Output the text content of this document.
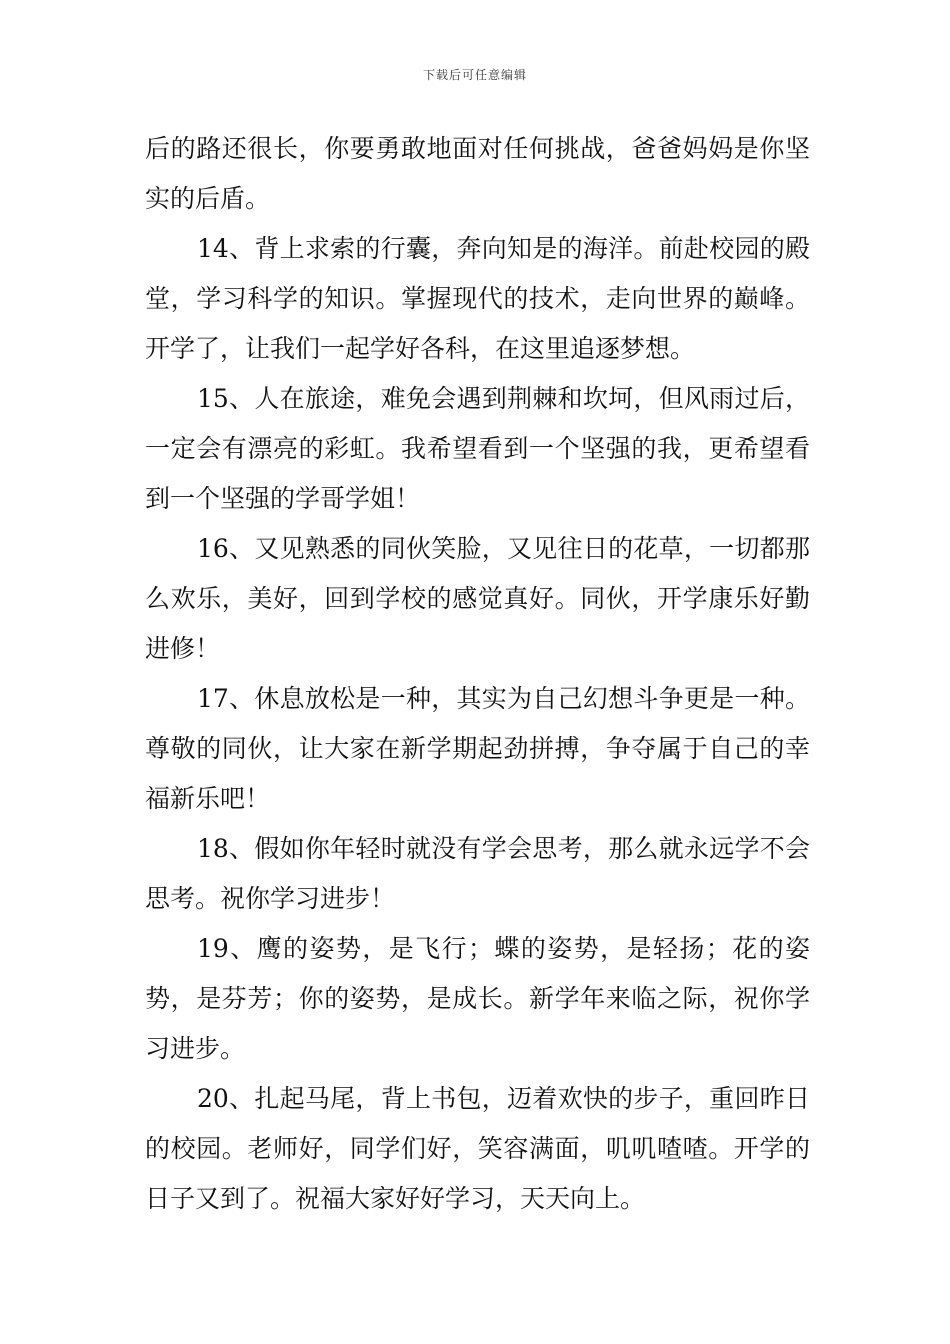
下载后可任意编辑

后的路还很长，你要勇敢地面对任何挑战，爸爸妈妈是你坚实的后盾。

14、背上求索的行囊，奔向知是的海洋。前赴校园的殿堂，学习科学的知识。掌握现代的技术，走向世界的巅峰。开学了，让我们一起学好各科，在这里追逐梦想。

15、人在旅途，难免会遇到荆棘和坎坷，但风雨过后，一定会有漂亮的彩虹。我希望看到一个坚强的我，更希望看到一个坚强的学哥学姐！

16、又见熟悉的同伙笑脸，又见往日的花草，一切都那么欢乐，美好，回到学校的感觉真好。同伙，开学康乐好勤进修！

17、休息放松是一种，其实为自己幻想斗争更是一种。尊敬的同伙，让大家在新学期起劲拼搏，争夺属于自己的幸福新乐吧！

18、假如你年轻时就没有学会思考，那么就永远学不会思考。祝你学习进步！

19、鹰的姿势，是飞行；蝶的姿势，是轻扬；花的姿势，是芬芳；你的姿势，是成长。新学年来临之际，祝你学习进步。

20、扎起马尾，背上书包，迈着欢快的步子，重回昨日的校园。老师好，同学们好，笑容满面，叽叽喳喳。开学的日子又到了。祝福大家好好学习，天天向上。
